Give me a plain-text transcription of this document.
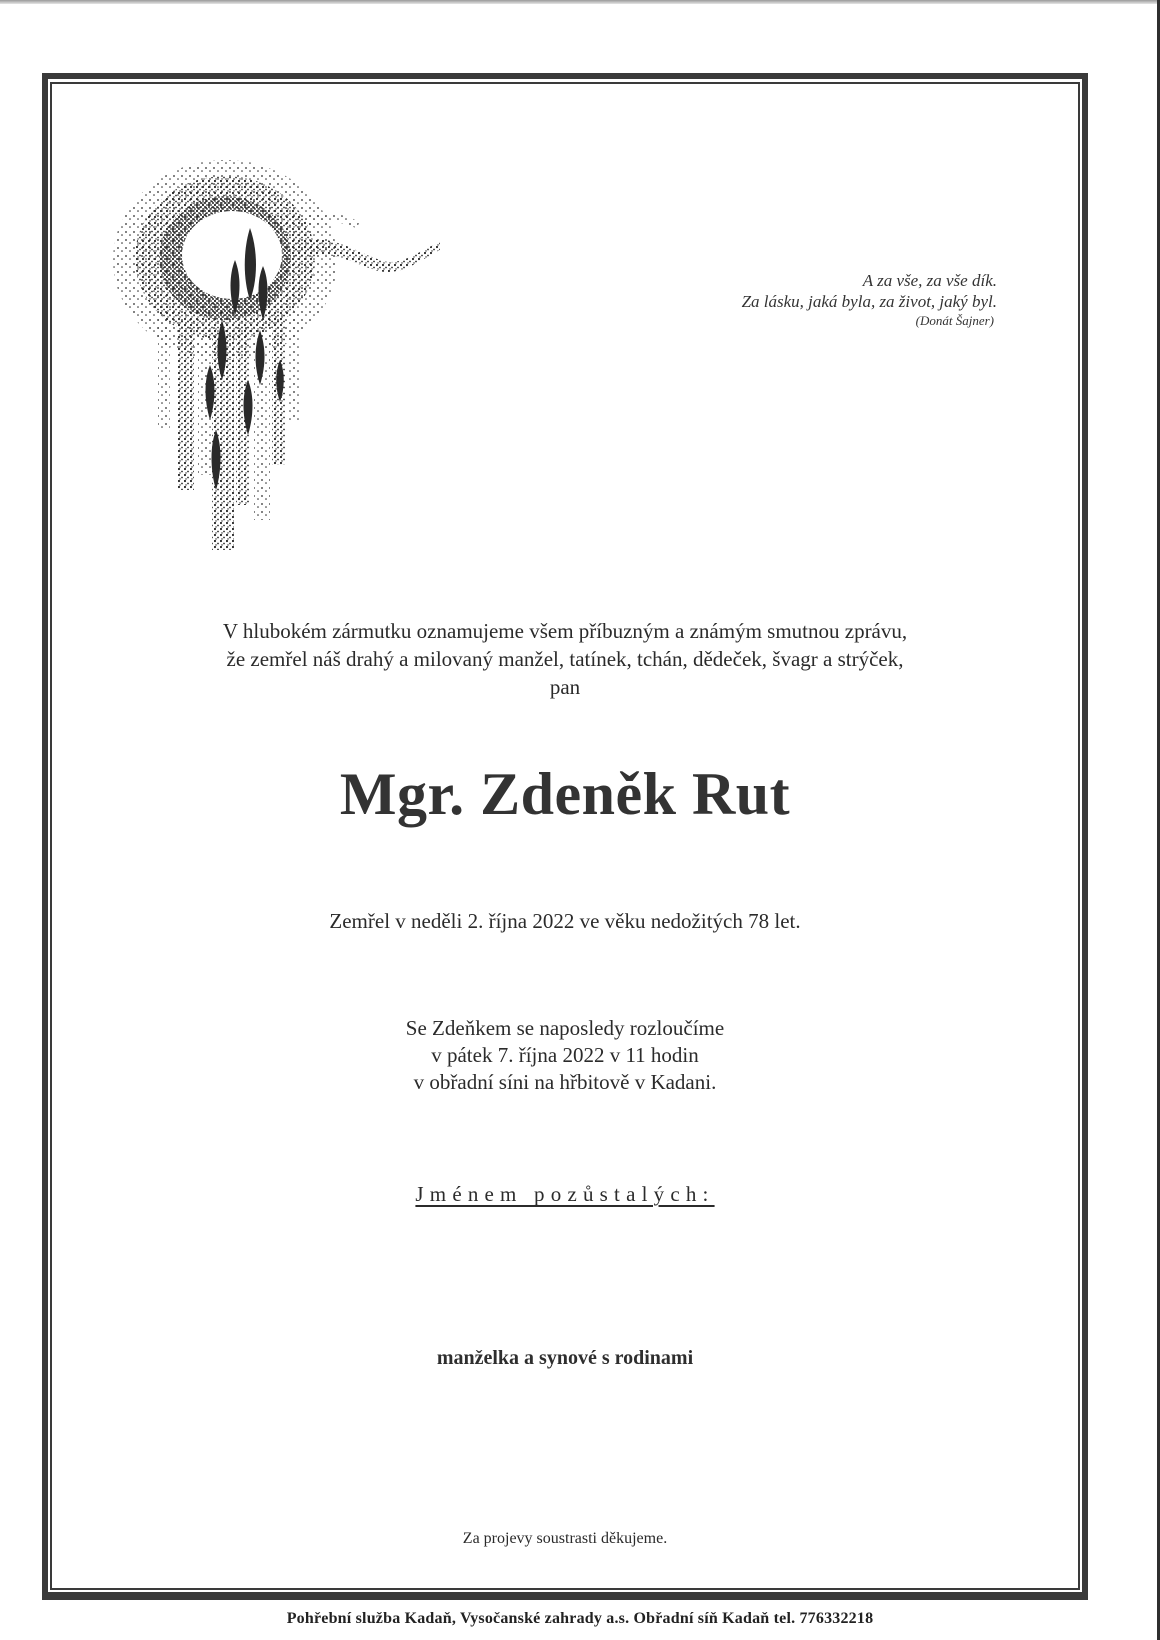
A za vše, za vše dík.
Za lásku, jaká byla, za život, jaký byl.
(Donát Šajner)
V hlubokém zármutku oznamujeme všem příbuzným a známým smutnou zprávu,
že zemřel náš drahý a milovaný manžel, tatínek, tchán, dědeček, švagr a strýček,
pan
Mgr. Zdeněk Rut
Zemřel v neděli 2. října 2022 ve věku nedožitých 78 let.
Se Zdeňkem se naposledy rozloučíme
v pátek 7. října 2022 v 11 hodin
v obřadní síni na hřbitově v Kadani.
Jménem pozůstalých:
manželka a synové s rodinami
Za projevy soustrasti děkujeme.
Pohřební služba Kadaň, Vysočanské zahrady a.s. Obřadní síň Kadaň tel. 776332218
